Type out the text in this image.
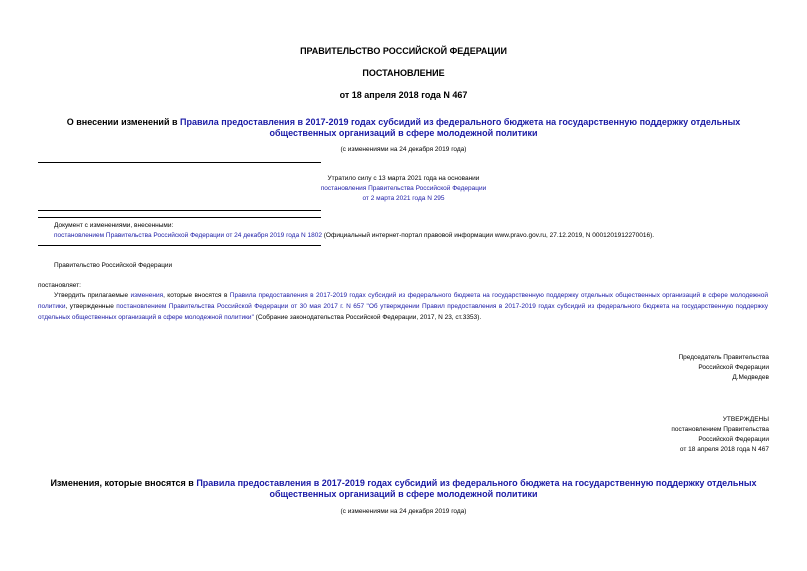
ПРАВИТЕЛЬСТВО РОССИЙСКОЙ ФЕДЕРАЦИИ
ПОСТАНОВЛЕНИЕ
от 18 апреля 2018 года N 467
О внесении изменений в Правила предоставления в 2017-2019 годах субсидий из федерального бюджета на государственную поддержку отдельных
общественных организаций в сфере молодежной политики
(с изменениями на 24 декабря 2019 года)
Утратило силу с 13 марта 2021 года на основании
постановления Правительства Российской Федерации
от 2 марта 2021 года N 295
Документ с изменениями, внесенными:
постановлением Правительства Российской Федерации от 24 декабря 2019 года N 1802 (Официальный интернет-портал правовой информации www.pravo.gov.ru, 27.12.2019, N 0001201912270016).
Правительство Российской Федерации
постановляет:
Утвердить прилагаемые изменения, которые вносятся в Правила предоставления в 2017-2019 годах субсидий из федерального бюджета на государственную поддержку отдельных общественных организаций в сфере молодежной политики, утвержденные постановлением Правительства Российской Федерации от 30 мая 2017 г. N 657 "Об утверждении Правил предоставления в 2017-2019 годах субсидий из федерального бюджета на государственную поддержку отдельных общественных организаций в сфере молодежной политики" (Собрание законодательства Российской Федерации, 2017, N 23, ст.3353).
Председатель Правительства
Российской Федерации
Д.Медведев
УТВЕРЖДЕНЫ
постановлением Правительства
Российской Федерации
от 18 апреля 2018 года N 467
Изменения, которые вносятся в Правила предоставления в 2017-2019 годах субсидий из федерального бюджета на государственную поддержку отдельных
общественных организаций в сфере молодежной политики
(с изменениями на 24 декабря 2019 года)
